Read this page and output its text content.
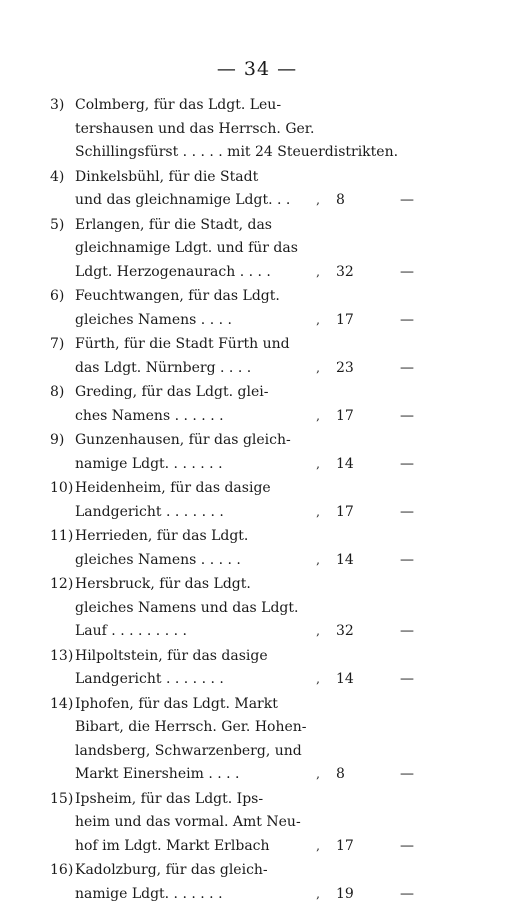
— 34 —
3) Colmberg, für das Ldgt. Leu-
tershausen und das Herrsch. Ger.
Schillingsfürst . . . . . mit 24 Steuerdistrikten.
4) Dinkelsbühl, für die Stadt
und das gleichnamige Ldgt. . . ‚ 8	—
5) Erlangen, für die Stadt, das
gleichnamige Ldgt. und für das
Ldgt. Herzogenaurach . . . .	‚ 32	—
6) Feuchtwangen, für das Ldgt.
gleiches Namens . . . .	‚ 17	—
7) Fürth, für die Stadt Fürth und
das Ldgt. Nürnberg . . . .	‚ 23	—
8) Greding, für das Ldgt. glei-
ches Namens . . . . . .	‚ 17	—
9) Gunzenhausen, für das gleich-
namige Ldgt. . . . . . .	‚ 14	—
10) Heidenheim, für das dasige
Landgericht . . . . . . .	‚ 17	—
11) Herrieden, für das Ldgt.
gleiches Namens . . . . .	‚ 14	—
12) Hersbruck, für das Ldgt.
gleiches Namens und das Ldgt.
Lauf . . . . . . . . .	‚ 32	—
13) Hilpoltstein, für das dasige
Landgericht . . . . . . .	‚ 14	—
14) Iphofen, für das Ldgt. Markt
Bibart, die Herrsch. Ger. Hohen-
landsberg, Schwarzenberg, und
Markt Einersheim . . . .	‚ 8	—
15) Ipsheim, für das Ldgt. Ips-
heim und das vormal. Amt Neu-
hof im Ldgt. Markt Erlbach	‚ 17	—
16) Kadolzburg, für das gleich-
namige Ldgt. . . . . . .	‚ 19	—
